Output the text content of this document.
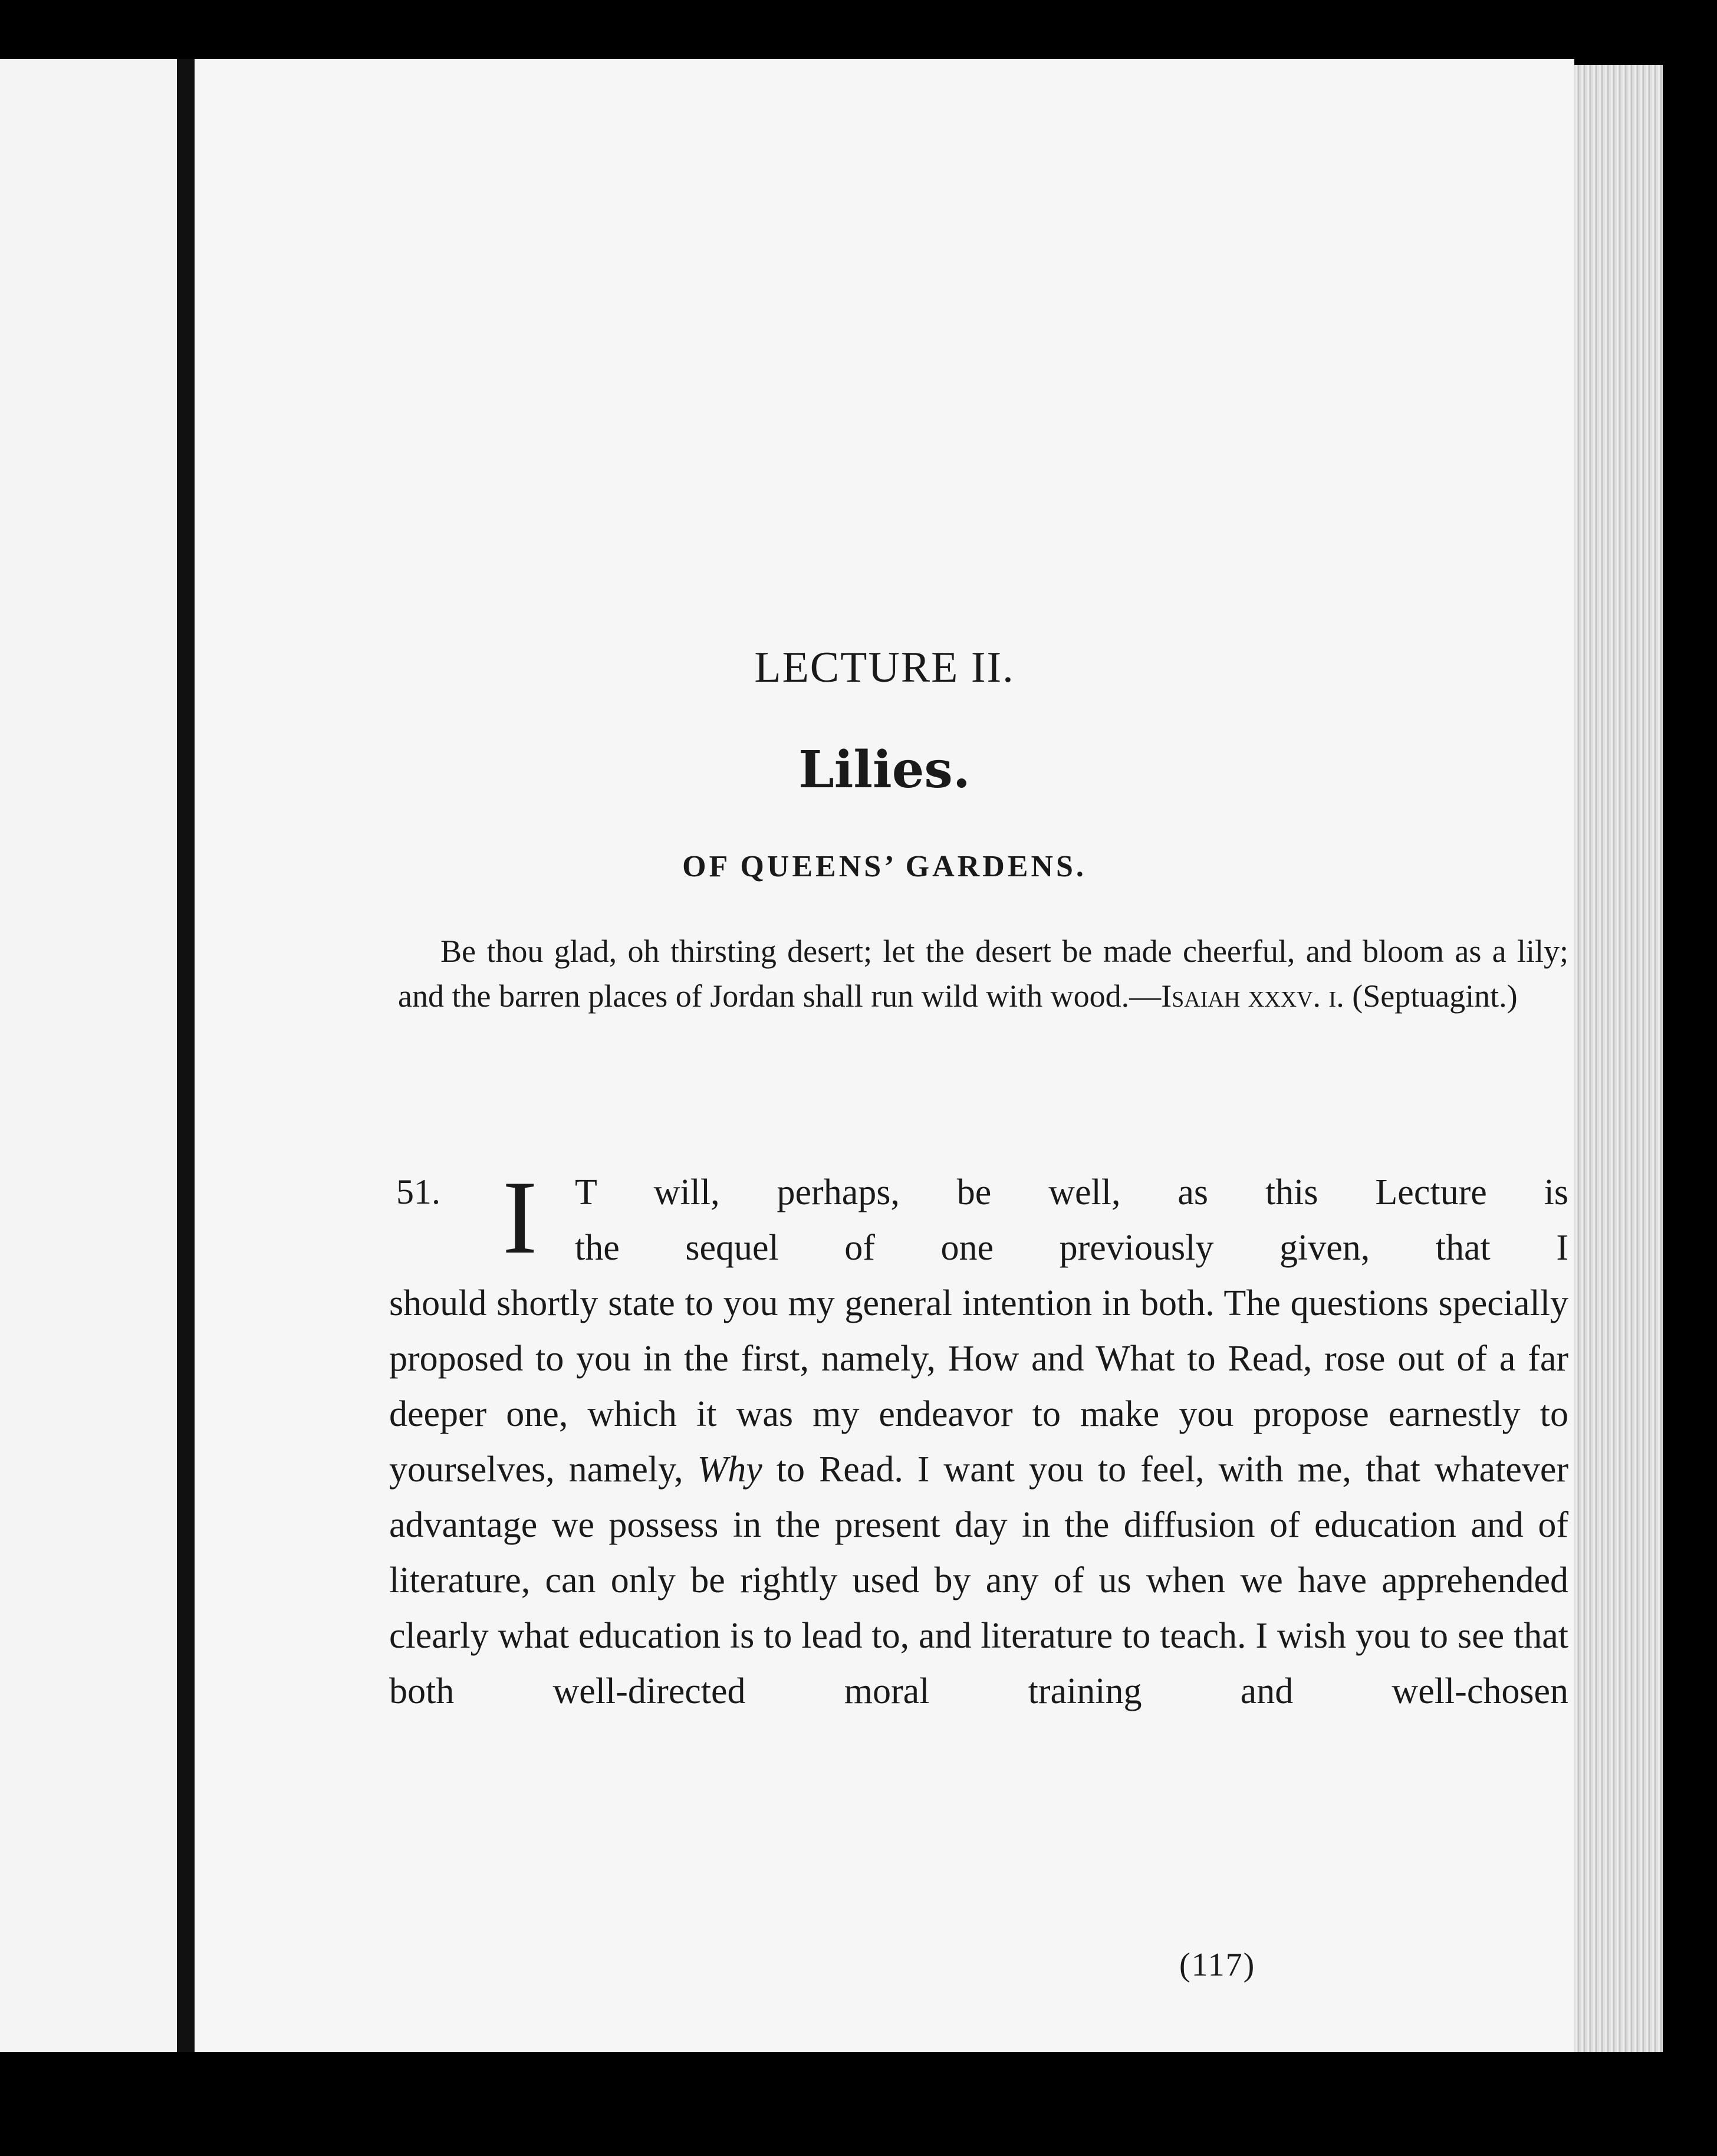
LECTURE II.
Lilies.
OF QUEENS’ GARDENS.

Be thou glad, oh thirsting desert; let the desert be made cheerful, and bloom as a lily; and the barren places of Jordan shall run wild with wood.—Isaiah xxxv. i. (Septuagint.)

51. I T will, perhaps, be well, as this Lecture is
the sequel of one previously given, that I

should shortly state to you my general intention in both. The questions specially proposed to you in the first, namely, How and What to Read, rose out of a far deeper one, which it was my endeavor to make you propose earnestly to yourselves, namely, Why to Read. I want you to feel, with me, that whatever advantage we possess in the present day in the diffusion of education and of literature, can only be rightly used by any of us when we have apprehended clearly what education is to lead to, and literature to teach. I wish you to see that both well-directed moral training and well-chosen

(117)
